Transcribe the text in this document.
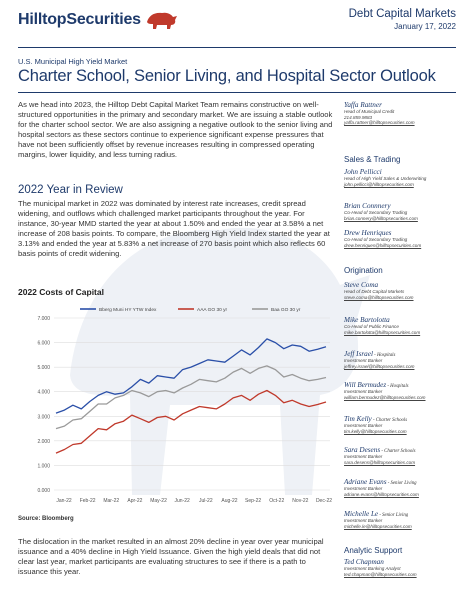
HilltopSecurities	Debt Capital Markets
January 17, 2022
U.S. Municipal High Yield Market
Charter School, Senior Living, and Hospital Sector Outlook
As we head into 2023, the Hilltop Debt Capital Market Team remains constructive on well-structured opportunities in the primary and secondary market. We are issuing a stable outlook for the charter school sector. We are also assigning a negative outlook to the senior living and hospital sectors as these sectors continue to experience significant expense pressures that have not been sufficiently offset by revenue increases resulting in compressed operating margins, lower liquidity, and less turning radius.
2022 Year in Review
The municipal market in 2022 was dominated by interest rate increases, credit spread widening, and outflows which challenged market participants throughout the year. For instance, 30-year MMD started the year at about 1.50% and ended the year at 3.58% a net increase of 208 basis points. To compare, the Bloomberg High Yield Index started the year at 3.13% and ended the year at 5.83% a net increase of 270 basis point which also reflects 60 basis points of credit widening.
2022 Costs of Capital
0.000
1.000
2.000
3.000
4.000
5.000
6.000
7.000
Jan-22 Feb-22 Mar-22 Apr-22 May-22 Jun-22 Jul-22 Aug-22 Sep-22 Oct-22 Nov-22 Dec-22
Bberg Muni HY YTW Index	AAA GO 30 yr	Baa GO 30 yr
Source: Bloomberg
The dislocation in the market resulted in an almost 20% decline in year over year municipal issuance and a 40% decline in High Yield Issuance. Given the high yield deals that did not clear last year, market participants are evaluating structures to see if there is a path to issuance this year.
Yaffa Rattner
Head of Municipal Credit
214.859.9883
yaffa.rattner@hilltopsecurities.com
Sales & Trading
John Pellicci
Head of High Yield Sales & Underwriting
john.pellicci@hilltopsecurities.com
Brian Connnery
Co-Head of Secondary Trading
brian.connery@hilltopsecurities.com
Drew Henriques
Co-Head of Secondary Trading
drew.henriques@hilltopsecurities.com
Origination
Steve Coma
Head of Debt Capital Markets
steve.coma@hilltopsecurities.com
Mike Bartolotta
Co-Head of Public Finance
mike.bartolotta@hilltopsecurities.com
Jeff Israel - Hospitals
Investment Banker
jeffrey.israel@hilltopsecurities.com
Will Bermudez - Hospitals
Investment Banker
william.bermudez@hilltopsecurities.com
Tim Kelly - Charter Schools
Investment Banker
tim.kelly@hilltopsecurities.com
Sara Desens - Charter Schools
Investment Banker
sara.desens@hilltopsecurities.com
Adriane Evans - Senior Living
Investment Banker
adriane.evans@hilltopsecurities.com
Michelle Le - Senior Living
Investment Banker
michelle.le@hilltopsecurities.com
Analytic Support
Ted Chapman
Investment Banking Analyst
ted.chapman@hilltopsecurities.com
